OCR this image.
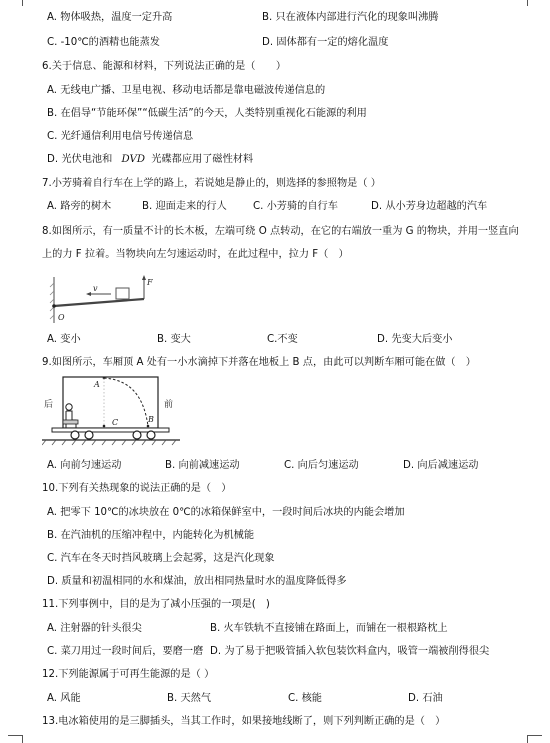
A. 物体吸热，温度一定升高	B. 只在液体内部进行汽化的现象叫沸腾
C. -10℃的酒精也能蒸发	D. 固体都有一定的熔化温度
6.关于信息、能源和材料，下列说法正确的是（　　）
A. 无线电广播、卫星电视、移动电话都是靠电磁波传递信息的
B. 在倡导“节能环保”“低碳生活”的今天，人类特别重视化石能源的利用
C. 光纤通信利用电信号传递信息
D. 光伏电池和 DVD 光碟都应用了磁性材料
7.小芳骑着自行车在上学的路上，若说她是静止的，则选择的参照物是（ ）
A. 路旁的树木	B. 迎面走来的行人	C. 小芳骑的自行车	D. 从小芳身边超越的汽车
8.如图所示，有一质量不计的长木板，左端可绕 O 点转动，在它的右端放一重为 G 的物块，并用一竖直向
上的力 F 拉着。当物块向左匀速运动时，在此过程中，拉力 F（　）
O
v
F
A. 变小	B. 变大	C.不变	D. 先变大后变小
9.如图所示，车厢顶 A 处有一小水滴掉下并落在地板上 B 点，由此可以判断车厢可能在做（　）
A
C	B
后	前
A. 向前匀速运动	B. 向前减速运动	C. 向后匀速运动	D. 向后减速运动
10.下列有关热现象的说法正确的是（　）
A. 把零下 10℃的冰块放在 0℃的冰箱保鲜室中，一段时间后冰块的内能会增加
B. 在汽油机的压缩冲程中，内能转化为机械能
C. 汽车在冬天时挡风玻璃上会起雾，这是汽化现象
D. 质量和初温相同的水和煤油，放出相同热量时水的温度降低得多
11.下列事例中，目的是为了减小压强的一项是(　)
A. 注射器的针头很尖	B. 火车铁轨不直接铺在路面上，而铺在一根根路枕上
C. 菜刀用过一段时间后，要磨一磨 D. 为了易于把吸管插入软包装饮料盒内，吸管一端被削得很尖
12.下列能源属于可再生能源的是（ ）
A. 风能	B. 天然气	C. 核能	D. 石油
13.电冰箱使用的是三脚插头，当其工作时，如果接地线断了，则下列判断正确的是（　）
